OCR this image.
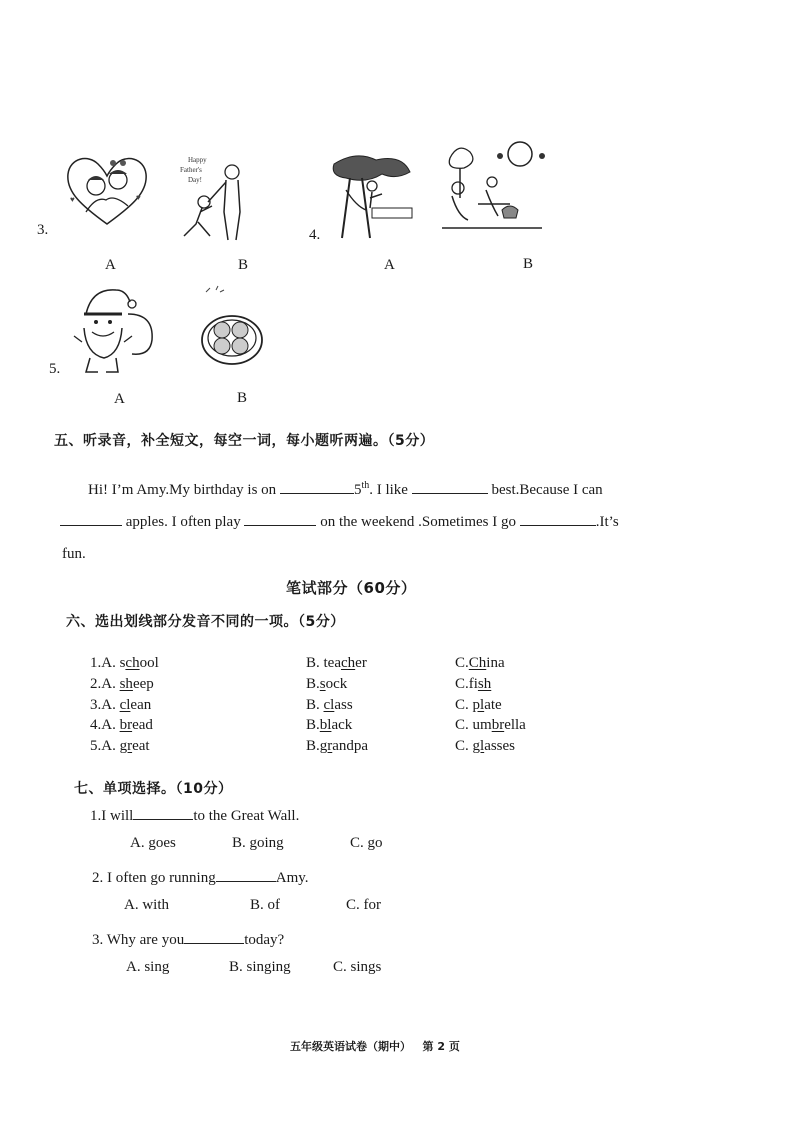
3.
♥	♥
A
Happy
Father's
Day!
B
4.
A	B
5.
A	B
五、听录音，补全短文，每空一词，每小题听两遍。（5分）
Hi! I’m Amy.My birthday is on	5th. I like	best.Because I can
apples. I often play	on the weekend .Sometimes I go	.It’s
fun.
笔试部分（60分）
六、选出划线部分发音不同的一项。（5分）
1.A. school	B. teacher	C.China
2.A. sheep	B.sock	C.fish
3.A. clean	B. class	C. plate
4.A. bread	B.black	C. umbrella
5.A. great	B.grandpa	C. glasses
七、单项选择。（10分）
1.I will	to the Great Wall.
A. goes	B. going	C. go
2. I often go running	Amy.
A. with	B. of	C. for
3. Why are you	today?
A. sing	B. singing	C. sings
五年级英语试卷（期中） 第 2 页
